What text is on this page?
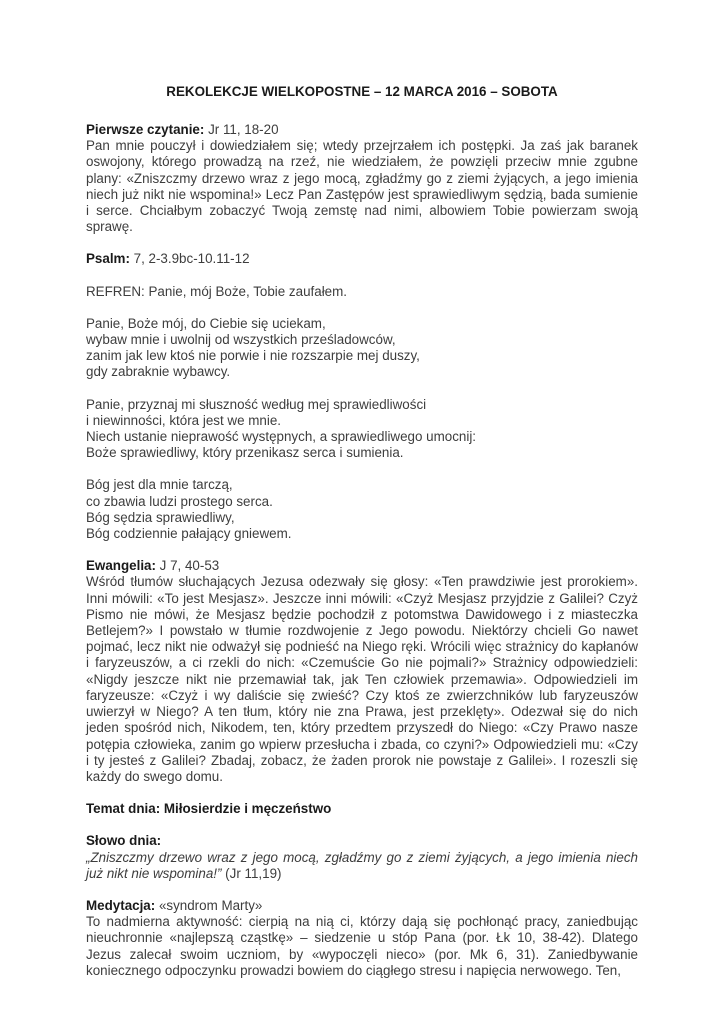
REKOLEKCJE WIELKOPOSTNE – 12 MARCA 2016 – SOBOTA

Pierwsze czytanie: Jr 11, 18-20

Pan mnie pouczył i dowiedziałem się; wtedy przejrzałem ich postępki. Ja zaś jak baranek oswojony, którego prowadzą na rzeź, nie wiedziałem, że powzięli przeciw mnie zgubne plany: «Zniszczmy drzewo wraz z jego mocą, zgładźmy go z ziemi żyjących, a jego imienia niech już nikt nie wspomina!» Lecz Pan Zastępów jest sprawiedliwym sędzią, bada sumienie i serce. Chciałbym zobaczyć Twoją zemstę nad nimi, albowiem Tobie powierzam swoją sprawę.

Psalm: 7, 2-3.9bc-10.11-12

REFREN: Panie, mój Boże, Tobie zaufałem.

Panie, Boże mój, do Ciebie się uciekam,

wybaw mnie i uwolnij od wszystkich prześladowców,

zanim jak lew ktoś nie porwie i nie rozszarpie mej duszy,

gdy zabraknie wybawcy.

Panie, przyznaj mi słuszność według mej sprawiedliwości

i niewinności, która jest we mnie.

Niech ustanie nieprawość występnych, a sprawiedliwego umocnij:

Boże sprawiedliwy, który przenikasz serca i sumienia.

Bóg jest dla mnie tarczą,

co zbawia ludzi prostego serca.

Bóg sędzia sprawiedliwy,

Bóg codziennie pałający gniewem.

Ewangelia: J 7, 40-53

Wśród tłumów słuchających Jezusa odezwały się głosy: «Ten prawdziwie jest prorokiem». Inni mówili: «To jest Mesjasz». Jeszcze inni mówili: «Czyż Mesjasz przyjdzie z Galilei? Czyż Pismo nie mówi, że Mesjasz będzie pochodził z potomstwa Dawidowego i z miasteczka Betlejem?» I powstało w tłumie rozdwojenie z Jego powodu. Niektórzy chcieli Go nawet pojmać, lecz nikt nie odważył się podnieść na Niego ręki. Wrócili więc strażnicy do kapłanów i faryzeuszów, a ci rzekli do nich: «Czemuście Go nie pojmali?» Strażnicy odpowiedzieli: «Nigdy jeszcze nikt nie przemawiał tak, jak Ten człowiek przemawia». Odpowiedzieli im faryzeusze: «Czyż i wy daliście się zwieść? Czy ktoś ze zwierzchników lub faryzeuszów uwierzył w Niego? A ten tłum, który nie zna Prawa, jest przeklęty». Odezwał się do nich jeden spośród nich, Nikodem, ten, który przedtem przyszedł do Niego: «Czy Prawo nasze potępia człowieka, zanim go wpierw przesłucha i zbada, co czyni?» Odpowiedzieli mu: «Czy i ty jesteś z Galilei? Zbadaj, zobacz, że żaden prorok nie powstaje z Galilei». I rozeszli się każdy do swego domu.

Temat dnia: Miłosierdzie i męczeństwo

Słowo dnia:

„Zniszczmy drzewo wraz z jego mocą, zgładźmy go z ziemi żyjących, a jego imienia niech już nikt nie wspomina!” (Jr 11,19)

Medytacja: «syndrom Marty»

To nadmierna aktywność: cierpią na nią ci, którzy dają się pochłonąć pracy, zaniedbując nieuchronnie «najlepszą cząstkę» – siedzenie u stóp Pana (por. Łk 10, 38-42). Dlatego Jezus zalecał swoim uczniom, by «wypoczęli nieco» (por. Mk 6, 31). Zaniedbywanie koniecznego odpoczynku prowadzi bowiem do ciągłego stresu i napięcia nerwowego. Ten,
